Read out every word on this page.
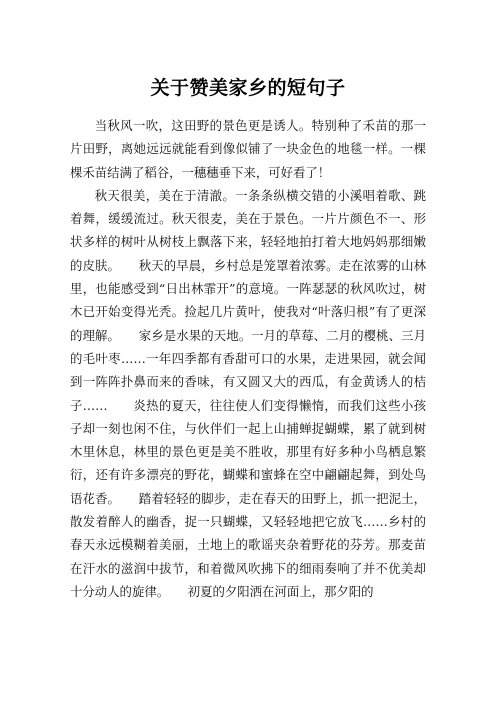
关于赞美家乡的短句子

当秋风一吹，这田野的景色更是诱人。特别种了禾苗的那一片田野，离她远远就能看到像似铺了一块金色的地毯一样。一棵棵禾苗结满了稻谷，一穗穗垂下来，可好看了！

秋天很美，美在于清澈。一条条纵横交错的小溪唱着歌、跳着舞，缓缓流过。秋天很麦，美在于景色。一片片颜色不一、形状多样的树叶从树枝上飘落下来，轻轻地拍打着大地妈妈那细嫩的皮肤。　　秋天的早晨，乡村总是笼罩着浓雾。走在浓雾的山林里，也能感受到“日出林霏开”的意境。一阵瑟瑟的秋风吹过，树木已开始变得光秃。捡起几片黄叶，使我对“叶落归根”有了更深的理解。　　家乡是水果的天地。一月的草莓、二月的樱桃、三月的毛叶枣……一年四季都有香甜可口的水果，走进果园，就会闻到一阵阵扑鼻而来的香味，有又圆又大的西瓜，有金黄诱人的桔子……　　炎热的夏天，往往使人们变得懒惰，而我们这些小孩子却一刻也闲不住，与伙伴们一起上山捕蝉捉蝴蝶，累了就到树木里休息，林里的景色更是美不胜收，那里有好多种小鸟栖息繁衍，还有许多漂亮的野花，蝴蝶和蜜蜂在空中翩翩起舞，到处鸟语花香。　　踏着轻轻的脚步，走在春天的田野上，抓一把泥土，散发着醉人的幽香，捉一只蝴蝶，又轻轻地把它放飞……乡村的春天永远模糊着美丽，土地上的歌谣夹杂着野花的芬芳。那麦苗在汗水的滋润中拔节，和着微风吹拂下的细雨奏响了并不优美却十分动人的旋律。　　初夏的夕阳洒在河面上，那夕阳的
